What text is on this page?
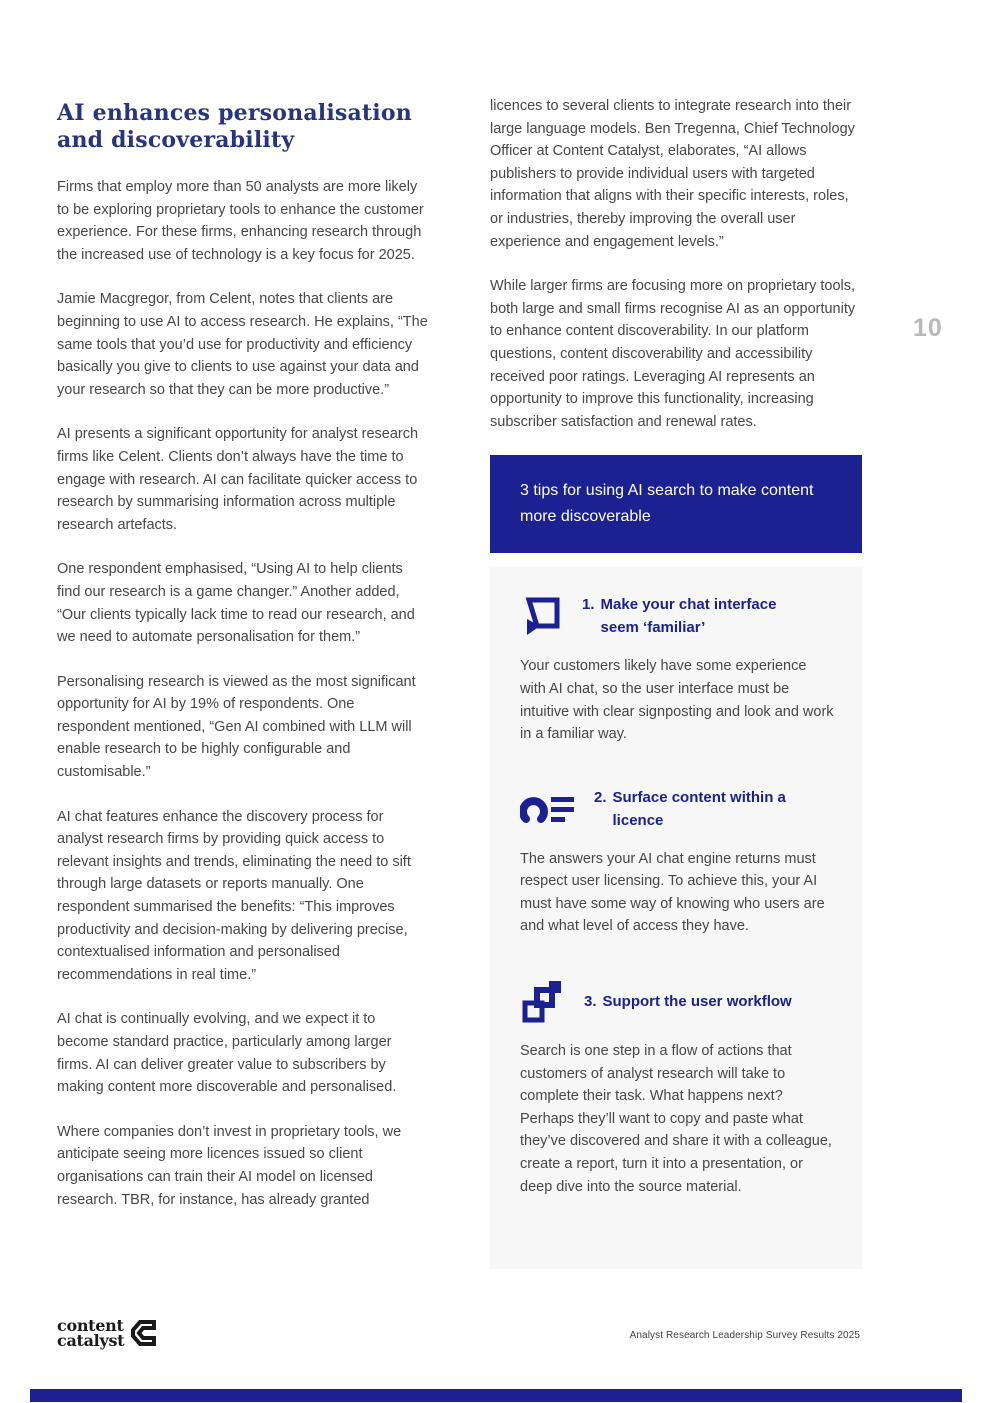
10
AI enhances personalisation
and discoverability

Firms that employ more than 50 analysts are more likely to be exploring proprietary tools to enhance the customer experience. For these firms, enhancing research through the increased use of technology is a key focus for 2025.

Jamie Macgregor, from Celent, notes that clients are beginning to use AI to access research. He explains, “The same tools that you’d use for productivity and efficiency basically you give to clients to use against your data and your research so that they can be more productive.”

AI presents a significant opportunity for analyst research firms like Celent. Clients don’t always have the time to engage with research. AI can facilitate quicker access to research by summarising information across multiple research artefacts.

One respondent emphasised, “Using AI to help clients find our research is a game changer.” Another added, “Our clients typically lack time to read our research, and we need to automate personalisation for them.”

Personalising research is viewed as the most significant opportunity for AI by 19% of respondents. One respondent mentioned, “Gen AI combined with LLM will enable research to be highly configurable and customisable.”

AI chat features enhance the discovery process for analyst research firms by providing quick access to relevant insights and trends, eliminating the need to sift through large datasets or reports manually. One respondent summarised the benefits: “This improves productivity and decision-making by delivering precise, contextualised information and personalised recommendations in real time.”

AI chat is continually evolving, and we expect it to become standard practice, particularly among larger firms. AI can deliver greater value to subscribers by making content more discoverable and personalised.

Where companies don’t invest in proprietary tools, we anticipate seeing more licences issued so client organisations can train their AI model on licensed research. TBR, for instance, has already granted

licences to several clients to integrate research into their large language models. Ben Tregenna, Chief Technology Officer at Content Catalyst, elaborates, “AI allows publishers to provide individual users with targeted information that aligns with their specific interests, roles, or industries, thereby improving the overall user experience and engagement levels.”

While larger firms are focusing more on proprietary tools, both large and small firms recognise AI as an opportunity to enhance content discoverability. In our platform questions, content discoverability and accessibility received poor ratings. Leveraging AI represents an opportunity to improve this functionality, increasing subscriber satisfaction and renewal rates.

3 tips for using AI search to make content more discoverable
1. Make your chat interface seem ‘familiar’

Your customers likely have some experience with AI chat, so the user interface must be intuitive with clear signposting and look and work in a familiar way.

2. Surface content within a licence

The answers your AI chat engine returns must respect user licensing. To achieve this, your AI must have some way of knowing who users are and what level of access they have.

3. Support the user workflow

Search is one step in a flow of actions that customers of analyst research will take to complete their task. What happens next? Perhaps they’ll want to copy and paste what they’ve discovered and share it with a colleague, create a report, turn it into a presentation, or deep dive into the source material.

content
catalyst	Analyst Research Leadership Survey Results 2025
